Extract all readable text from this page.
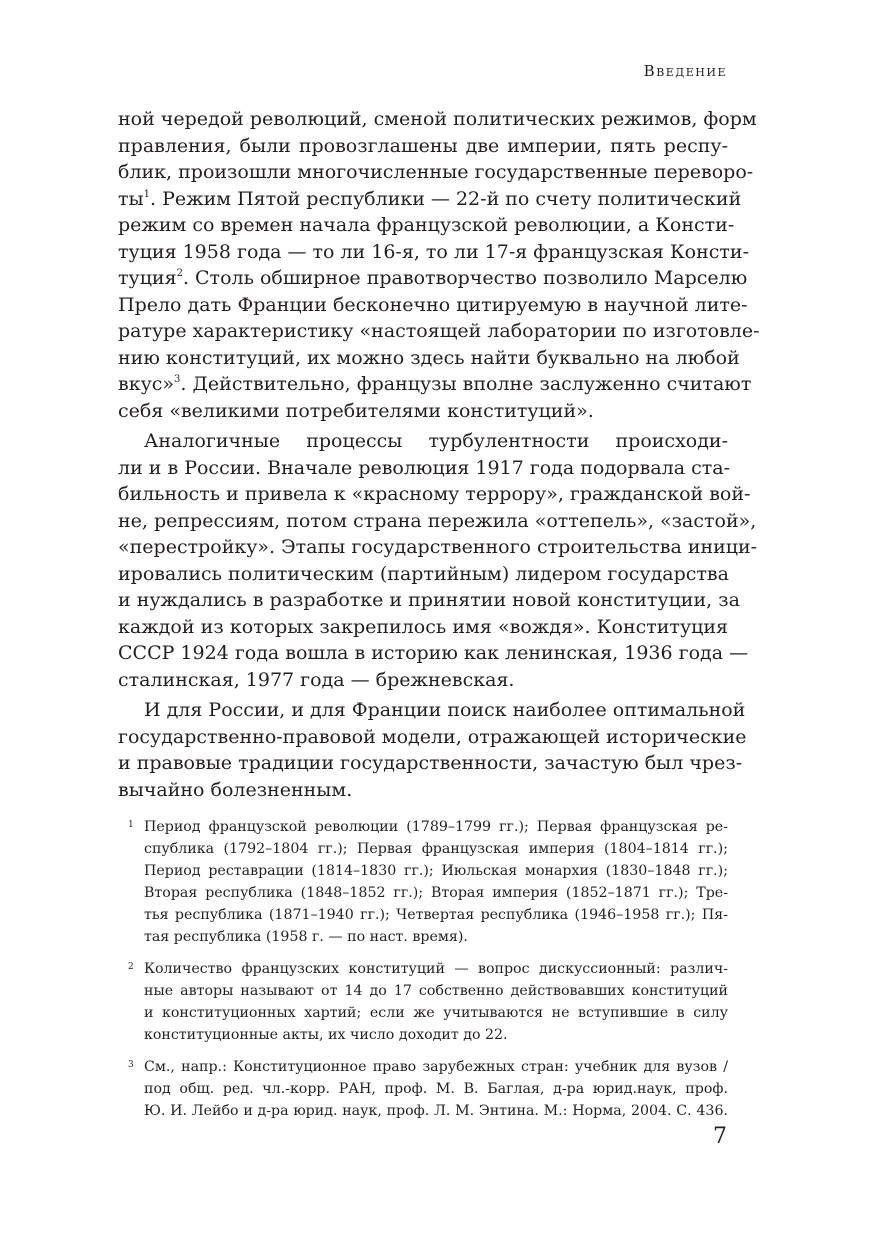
Введение
ной чередой революций, сменой политических режимов, форм
правления, были провозглашены две империи, пять респу-
блик, произошли многочисленные государственные переворо-
$ты^1$. Режим Пятой республики — 22-й по счету политический
режим со времен начала французской революции, а Консти-
туция 1958 года — то ли 16-я, то ли 17-я французская Консти-
туция$^2$. Столь обширное правотворчество позволило Марселю
Прело дать Франции бесконечно цитируемую в научной лите-
ратуре характеристику «настоящей лаборатории по изготовле-
нию конституций, их можно здесь найти буквально на любой
вкус»$^3$. Действительно, французы вполне заслуженно считают
себя «великими потребителями конституций».
Аналогичные процессы турбулентности происходи-
ли и в России. Вначале революция 1917 года подорвала ста-
бильность и привела к «красному террору», гражданской вой-
не, репрессиям, потом страна пережила «оттепель», «застой»,
«перестройку». Этапы государственного строительства иници-
ировались политическим (партийным) лидером государства
и нуждались в разработке и принятии новой конституции, за
каждой из которых закрепилось имя «вождя». Конституция
СССР 1924 года вошла в историю как ленинская, 1936 года —
сталинская, 1977 года — брежневская.
И для России, и для Франции поиск наиболее оптимальной
государственно-правовой модели, отражающей исторические
и правовые традиции государственности, зачастую был чрез-
вычайно болезненным.
1 Период французской революции (1789–1799 гг.); Первая французская ре-
спублика (1792–1804 гг.); Первая французская империя (1804–1814 гг.);
Период реставрации (1814–1830 гг.); Июльская монархия (1830–1848 гг.);
Вторая республика (1848–1852 гг.); Вторая империя (1852–1871 гг.); Тре-
тья республика (1871–1940 гг.); Четвертая республика (1946–1958 гг.); Пя-
тая республика (1958 г. — по наст. время).
2 Количество французских конституций — вопрос дискуссионный: различ-
ные авторы называют от 14 до 17 собственно действовавших конституций
и конституционных хартий; если же учитываются не вступившие в силу
конституционные акты, их число доходит до 22.
3 См., напр.: Конституционное право зарубежных стран: учебник для вузов /
под общ. ред. чл.-корр. РАН, проф. М. В. Баглая, д-ра юрид.наук, проф.
Ю. И. Лейбо и д-ра юрид. наук, проф. Л. М. Энтина. М.: Норма, 2004. С. 436.
7
